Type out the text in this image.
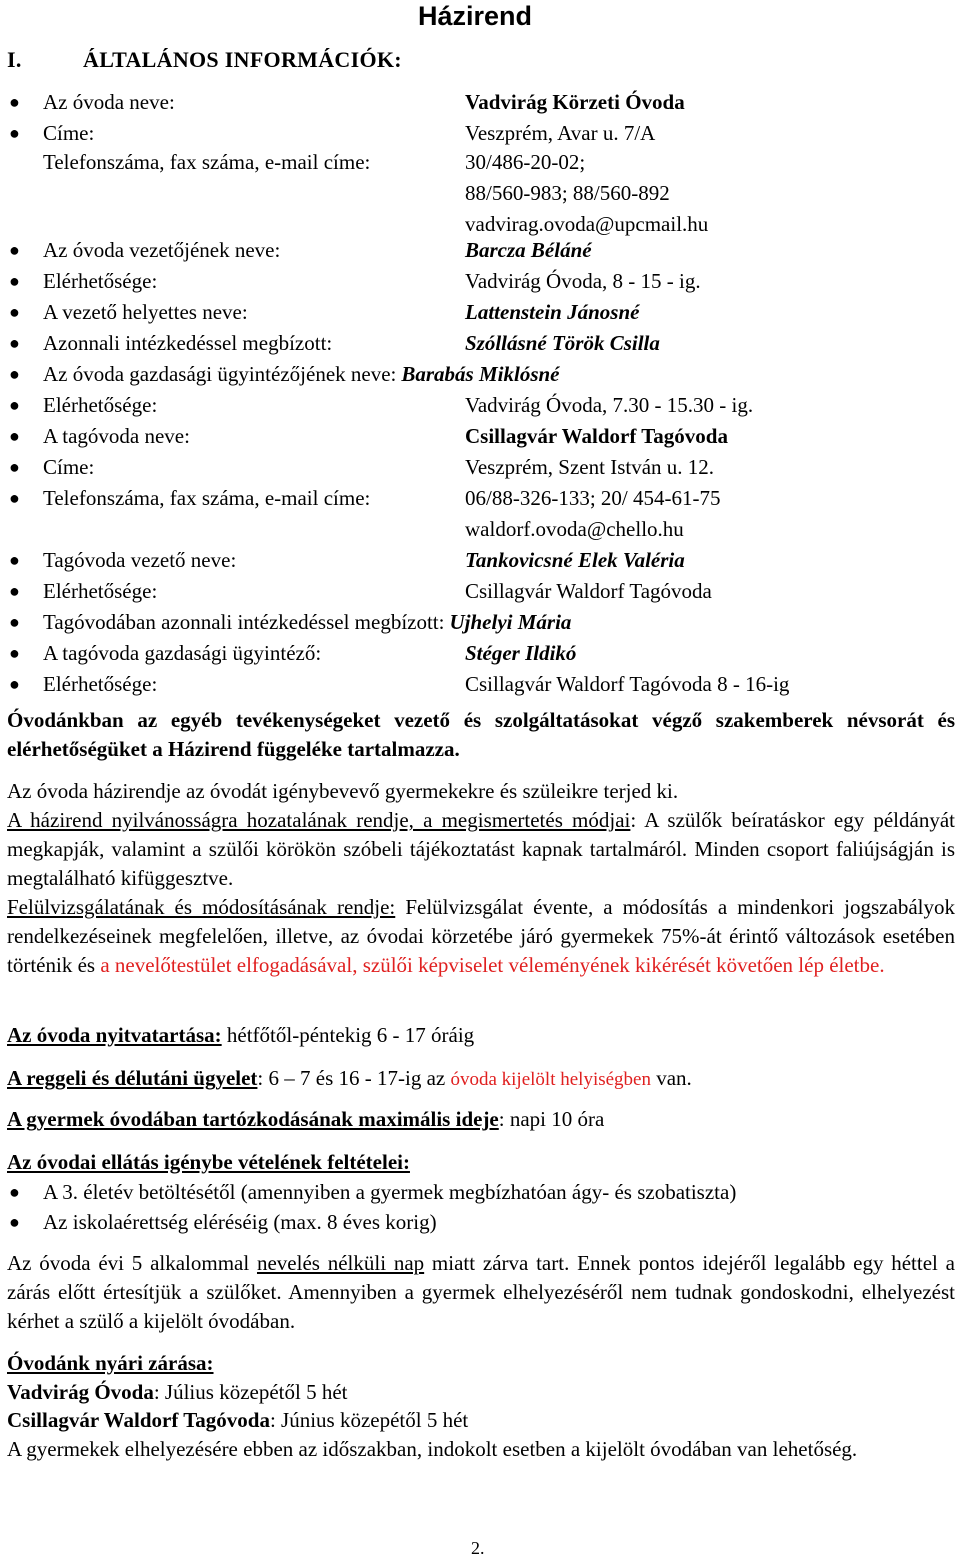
Házirend
I.	ÁLTALÁNOS INFORMÁCIÓK:
● Az óvoda neve:	Vadvirág Körzeti Óvoda
● Címe:	Veszprém, Avar u. 7/A
Telefonszáma, fax száma, e-mail címe:	30/486-20-02;
88/560-983; 88/560-892
vadvirag.ovoda@upcmail.hu
● Az óvoda vezetőjének neve:	Barcza Béláné
● Elérhetősége:	Vadvirág Óvoda, 8 - 15 - ig.
● A vezető helyettes neve:	Lattenstein Jánosné
● Azonnali intézkedéssel megbízott:	Szóllásné Török Csilla
● Az óvoda gazdasági ügyintézőjének neve: Barabás Miklósné
● Elérhetősége:	Vadvirág Óvoda, 7.30 - 15.30 - ig.
● A tagóvoda neve:	Csillagvár Waldorf Tagóvoda
● Címe:	Veszprém, Szent István u. 12.
● Telefonszáma, fax száma, e-mail címe:	06/88-326-133; 20/ 454-61-75
waldorf.ovoda@chello.hu
● Tagóvoda vezető neve:	Tankovicsné Elek Valéria
● Elérhetősége:	Csillagvár Waldorf Tagóvoda
● Tagóvodában azonnali intézkedéssel megbízott: Ujhelyi Mária
● A tagóvoda gazdasági ügyintéző:	Stéger Ildikó
● Elérhetősége:	Csillagvár Waldorf Tagóvoda 8 - 16-ig

Óvodánkban az egyéb tevékenységeket vezető és szolgáltatásokat végző szakemberek névsorát és elérhetőségüket a Házirend függeléke tartalmazza.

Az óvoda házirendje az óvodát igénybevevő gyermekekre és szüleikre terjed ki.

A házirend nyilvánosságra hozatalának rendje, a megismertetés módjai: A szülők beíratáskor egy példányát megkapják, valamint a szülői körökön szóbeli tájékoztatást kapnak tartalmáról. Minden csoport faliújságján is megtalálható kifüggesztve.

Felülvizsgálatának és módosításának rendje: Felülvizsgálat évente, a módosítás a mindenkori jogszabályok rendelkezéseinek megfelelően, illetve, az óvodai körzetébe járó gyermekek 75%-át érintő változások esetében történik és a nevelőtestület elfogadásával, szülői képviselet véleményének kikérését követően lép életbe.

Az óvoda nyitvatartása: hétfőtől-péntekig 6 - 17 óráig

A reggeli és délutáni ügyelet: 6 – 7 és 16 - 17-ig az óvoda kijelölt helyiségben van.

A gyermek óvodában tartózkodásának maximális ideje: napi 10 óra

Az óvodai ellátás igénybe vételének feltételei:

● A 3. életév betöltésétől (amennyiben a gyermek megbízhatóan ágy- és szobatiszta)
● Az iskolaérettség eléréséig (max. 8 éves korig)

Az óvoda évi 5 alkalommal nevelés nélküli nap miatt zárva tart. Ennek pontos idejéről legalább egy héttel a zárás előtt értesítjük a szülőket. Amennyiben a gyermek elhelyezéséről nem tudnak gondoskodni, elhelyezést kérhet a szülő a kijelölt óvodában.

Óvodánk nyári zárása:

Vadvirág Óvoda: Július közepétől 5 hét

Csillagvár Waldorf Tagóvoda: Június közepétől 5 hét

A gyermekek elhelyezésére ebben az időszakban, indokolt esetben a kijelölt óvodában van lehetőség.

2.
